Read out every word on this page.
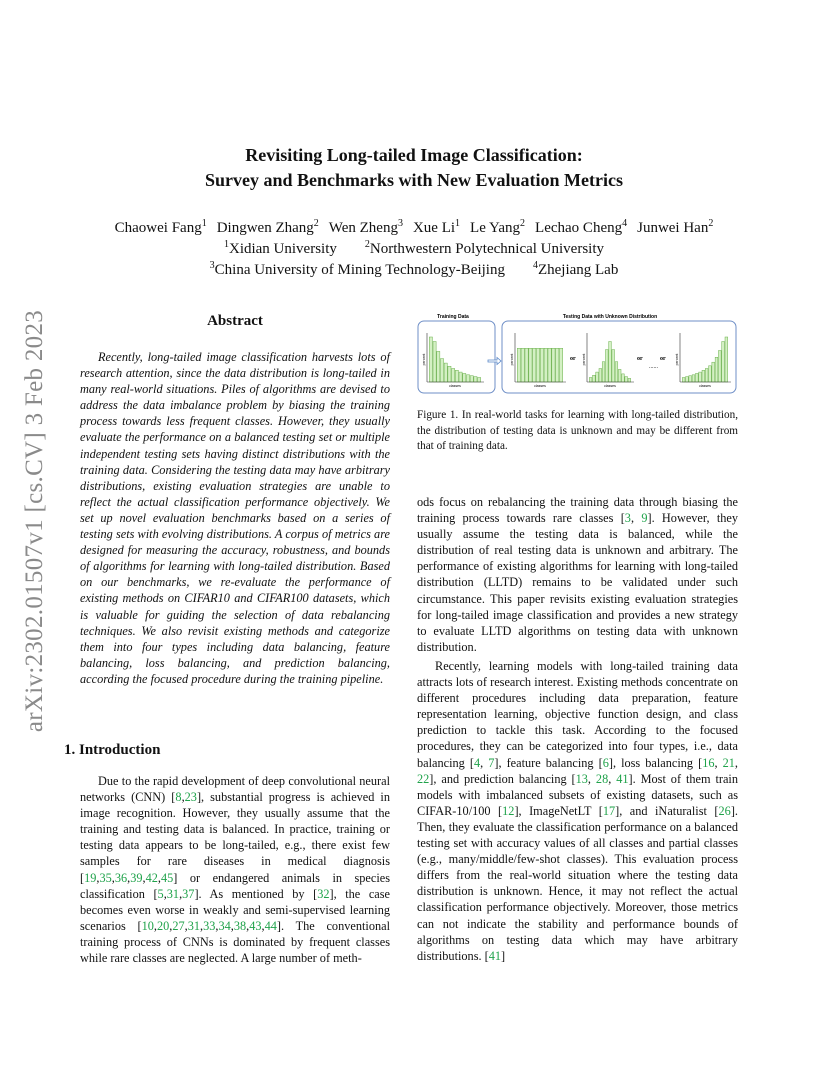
arXiv:2302.01507v1 [cs.CV] 3 Feb 2023
Revisiting Long-tailed Image Classification:
Survey and Benchmarks with New Evaluation Metrics
Chaowei Fang$^1$ Dingwen Zhang$^2$ Wen Zheng$^3$ Xue Li$^1$ Le Yang$^2$ Lechao Cheng$^4$ Junwei Han$^2$
$^1$Xidian University	$^2$Northwestern Polytechnical University
$^3$China University of Mining Technology-Beijing	$^4$Zhejiang Lab
Abstract

Recently, long-tailed image classification harvests lots of research attention, since the data distribution is long-tailed in many real-world situations. Piles of algorithms are devised to address the data imbalance problem by biasing the training process towards less frequent classes. However, they usually evaluate the performance on a balanced testing set or multiple independent testing sets having distinct distributions with the training data. Considering the testing data may have arbitrary distributions, existing evaluation strategies are unable to reflect the actual classification performance objectively. We set up novel evaluation benchmarks based on a series of testing sets with evolving distributions. A corpus of metrics are designed for measuring the accuracy, robustness, and bounds of algorithms for learning with long-tailed distribution. Based on our benchmarks, we re-evaluate the performance of existing methods on CIFAR10 and CIFAR100 datasets, which is valuable for guiding the selection of data rebalancing techniques. We also revisit existing methods and categorize them into four types including data balancing, feature balancing, loss balancing, and prediction balancing, according the focused procedure during the training pipeline.

1. Introduction

Due to the rapid development of deep convolutional neural networks (CNN) [8,23], substantial progress is achieved in image recognition. However, they usually assume that the training and testing data is balanced. In practice, training or testing data appears to be long-tailed, e.g., there exist few samples for rare diseases in medical diagnosis [19,35,36,39,42,45] or endangered animals in species classification [5,31,37]. As mentioned by [32], the case becomes even worse in weakly and semi-supervised learning scenarios [10,20,27,31,33,34,38,43,44]. The conventional training process of CNNs is dominated by frequent classes while rare classes are neglected. A large number of meth-

Training Data	Testing Data with Unknown Distribution
classes
percent
classes
percent
classes
percent
classes
percent
or	or	or
......
Figure 1. In real-world tasks for learning with long-tailed distribution, the distribution of testing data is unknown and may be different from that of training data.

ods focus on rebalancing the training data through biasing the training process towards rare classes [3, 9]. However, they usually assume the testing data is balanced, while the distribution of real testing data is unknown and arbitrary. The performance of existing algorithms for learning with long-tailed distribution (LLTD) remains to be validated under such circumstance. This paper revisits existing evaluation strategies for long-tailed image classification and provides a new strategy to evaluate LLTD algorithms on testing data with unknown distribution.

Recently, learning models with long-tailed training data attracts lots of research interest. Existing methods concentrate on different procedures including data preparation, feature representation learning, objective function design, and class prediction to tackle this task. According to the focused procedures, they can be categorized into four types, i.e., data balancing [4, 7], feature balancing [6], loss balancing [16, 21, 22], and prediction balancing [13, 28, 41]. Most of them train models with imbalanced subsets of existing datasets, such as CIFAR-10/100 [12], ImageNetLT [17], and iNaturalist [26]. Then, they evaluate the classification performance on a balanced testing set with accuracy values of all classes and partial classes (e.g., many/middle/few-shot classes). This evaluation process differs from the real-world situation where the testing data distribution is unknown. Hence, it may not reflect the actual classification performance objectively. Moreover, those metrics can not indicate the stability and performance bounds of algorithms on testing data which may have arbitrary distributions. [41]
